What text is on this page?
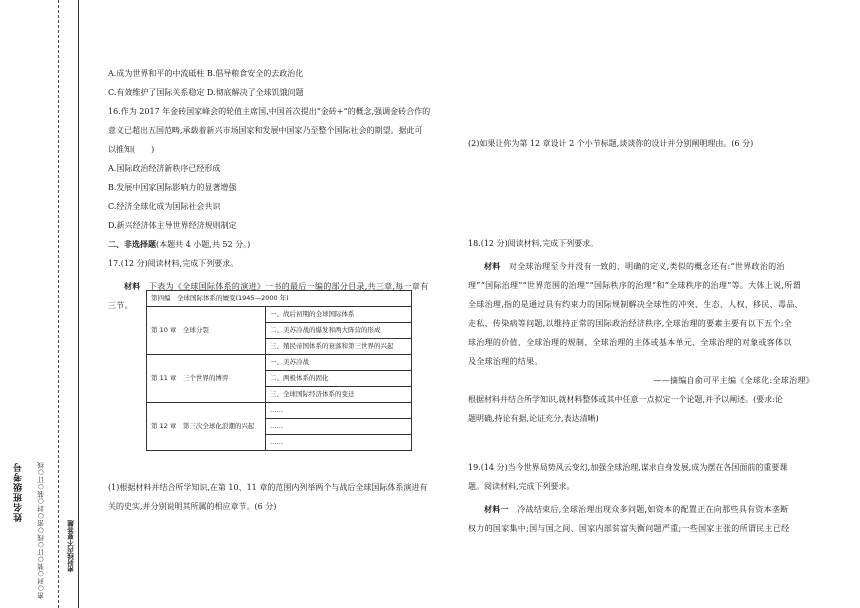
姓名班级考号 密○封○装○订○线○密○封○装○订○线	密封线内不要答题

A.成为世界和平的中流砥柱 B.倡导粮食安全的去政治化

C.有效维护了国际关系稳定 D.彻底解决了全球饥饿问题

16.作为 2017 年金砖国家峰会的轮值主席国,中国首次提出“金砖+”的概念,强调金砖合作的

意义已超出五国范畴,承载着新兴市场国家和发展中国家乃至整个国际社会的期望。据此可

以推知(　　)

A.国际政治经济新秩序已经形成

B.发展中国家国际影响力的显著增强

C.经济全球化成为国际社会共识

D.新兴经济体主导世界经济规则制定

二、非选择题(本题共 4 小题,共 52 分。)

17.(12 分)阅读材料,完成下列要求。

材料　 下表为《全球国际体系的演进》一书的最后一编的部分目录,共三章,每一章有

三节。

第四编　全球国际体系的嬗变(1945—2000 年)	
第 10 章　全球分裂	一、战后初期的全球国际体系
	二、美苏冷战的爆发和两大阵营的形成
	三、殖民帝国体系的衰落和第三世界的兴起
第 11 章　三个世界的博弈	一、美苏冷战
	二、两极体系的固化
	三、全球国际经济体系的变迁
第 12 章　第三次全球化浪潮的兴起	……
	……
	……

(1)根据材料并结合所学知识,在第 10、11 章的范围内列举两个与战后全球国际体系演进有

关的史实,并分别说明其所属的相应章节。(6 分)

(2)如果让你为第 12 章设计 2 个小节标题,谈谈你的设计并分别阐明理由。(6 分)

18.(12 分)阅读材料,完成下列要求。

材料　 对全球治理至今并没有一致的、明确的定义,类似的概念还有:“世界政治的治

理”“国际治理”“世界范围的治理”“国际秩序的治理”和“全球秩序的治理”等。大体上说,所谓

全球治理,指的是通过具有约束力的国际规制解决全球性的冲突、生态、人权、移民、毒品、

走私、传染病等问题,以维持正常的国际政治经济秩序,全球治理的要素主要有以下五个:全

球治理的价值、全球治理的规制、全球治理的主体或基本单元、全球治理的对象或客体以

及全球治理的结果。

——摘编自俞可平主编《全球化:全球治理》

根据材料并结合所学知识,就材料整体或其中任意一点拟定一个论题,并予以阐述。(要求:论

题明确,持论有据,论证充分,表达清晰)

19.(14 分)当今世界局势风云变幻,加强全球治理,谋求自身发展,成为摆在各国面前的重要课

题。阅读材料,完成下列要求。

材料一　 冷战结束后,全球治理出现众多问题,如资本的配置正在向那些具有资本垄断

权力的国家集中;国与国之间、国家内部贫富失衡问题严重;一些国家主张的所谓民主已经
